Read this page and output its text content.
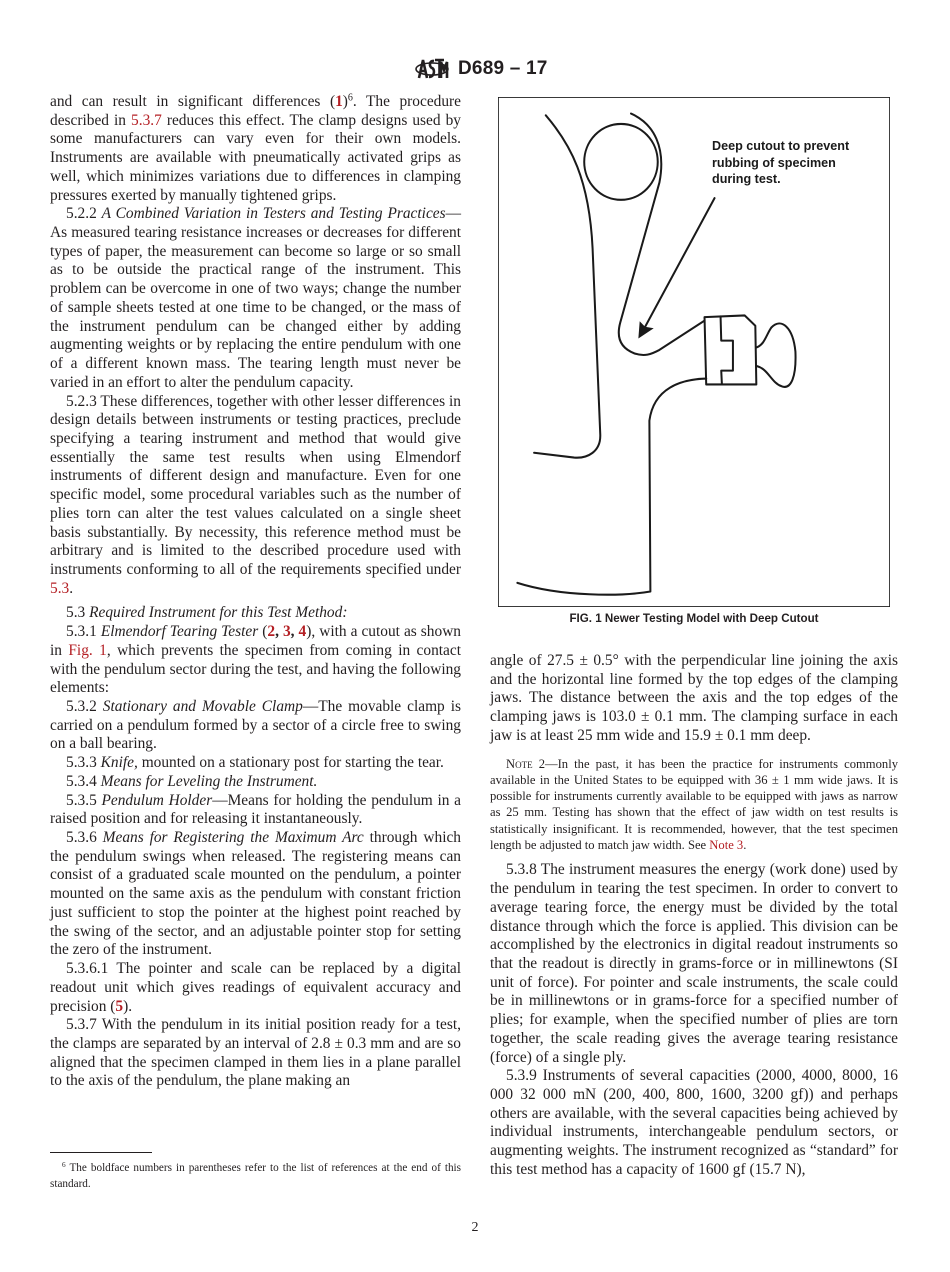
D689 – 17

and can result in significant differences $(1)^6$. The procedure described in 5.3.7 reduces this effect. The clamp designs used by some manufacturers can vary even for their own models. Instruments are available with pneumatically activated grips as well, which minimizes variations due to differences in clamping pressures exerted by manually tightened grips.

5.2.2 A Combined Variation in Testers and Testing Practices—As measured tearing resistance increases or decreases for different types of paper, the measurement can become so large or so small as to be outside the practical range of the instrument. This problem can be overcome in one of two ways; change the number of sample sheets tested at one time to be changed, or the mass of the instrument pendulum can be changed either by adding augmenting weights or by replacing the entire pendulum with one of a different known mass. The tearing length must never be varied in an effort to alter the pendulum capacity.

5.2.3 These differences, together with other lesser differences in design details between instruments or testing practices, preclude specifying a tearing instrument and method that would give essentially the same test results when using Elmendorf instruments of different design and manufacture. Even for one specific model, some procedural variables such as the number of plies torn can alter the test values calculated on a single sheet basis substantially. By necessity, this reference method must be arbitrary and is limited to the described procedure used with instruments conforming to all of the requirements specified under 5.3.

5.3 Required Instrument for this Test Method:

5.3.1 Elmendorf Tearing Tester (2, 3, 4), with a cutout as shown in Fig. 1, which prevents the specimen from coming in contact with the pendulum sector during the test, and having the following elements:

5.3.2 Stationary and Movable Clamp—The movable clamp is carried on a pendulum formed by a sector of a circle free to swing on a ball bearing.

5.3.3 Knife, mounted on a stationary post for starting the tear.

5.3.4 Means for Leveling the Instrument.

5.3.5 Pendulum Holder—Means for holding the pendulum in a raised position and for releasing it instantaneously.

5.3.6 Means for Registering the Maximum Arc through which the pendulum swings when released. The registering means can consist of a graduated scale mounted on the pendulum, a pointer mounted on the same axis as the pendulum with constant friction just sufficient to stop the pointer at the highest point reached by the swing of the sector, and an adjustable pointer stop for setting the zero of the instrument.

5.3.6.1 The pointer and scale can be replaced by a digital readout unit which gives readings of equivalent accuracy and precision (5).

5.3.7 With the pendulum in its initial position ready for a test, the clamps are separated by an interval of 2.8 ± 0.3 mm and are so aligned that the specimen clamped in them lies in a plane parallel to the axis of the pendulum, the plane making an

Deep cutout to prevent
rubbing of specimen
during test.
FIG. 1 Newer Testing Model with Deep Cutout

angle of 27.5 ± 0.5° with the perpendicular line joining the axis and the horizontal line formed by the top edges of the clamping jaws. The distance between the axis and the top edges of the clamping jaws is 103.0 ± 0.1 mm. The clamping surface in each jaw is at least 25 mm wide and 15.9 ± 0.1 mm deep.

Note 2—In the past, it has been the practice for instruments commonly available in the United States to be equipped with 36 ± 1 mm wide jaws. It is possible for instruments currently available to be equipped with jaws as narrow as 25 mm. Testing has shown that the effect of jaw width on test results is statistically insignificant. It is recommended, however, that the test specimen length be adjusted to match jaw width. See Note 3.

5.3.8 The instrument measures the energy (work done) used by the pendulum in tearing the test specimen. In order to convert to average tearing force, the energy must be divided by the total distance through which the force is applied. This division can be accomplished by the electronics in digital readout instruments so that the readout is directly in grams-force or in millinewtons (SI unit of force). For pointer and scale instruments, the scale could be in millinewtons or in grams-force for a specified number of plies; for example, when the specified number of plies are torn together, the scale reading gives the average tearing resistance (force) of a single ply.

5.3.9 Instruments of several capacities (2000, 4000, 8000, 16 000 32 000 mN (200, 400, 800, 1600, 3200 gf)) and perhaps others are available, with the several capacities being achieved by individual instruments, interchangeable pendulum sectors, or augmenting weights. The instrument recognized as “standard” for this test method has a capacity of 1600 gf (15.7 N),

$^6$ The boldface numbers in parentheses refer to the list of references at the end of this standard.
2
